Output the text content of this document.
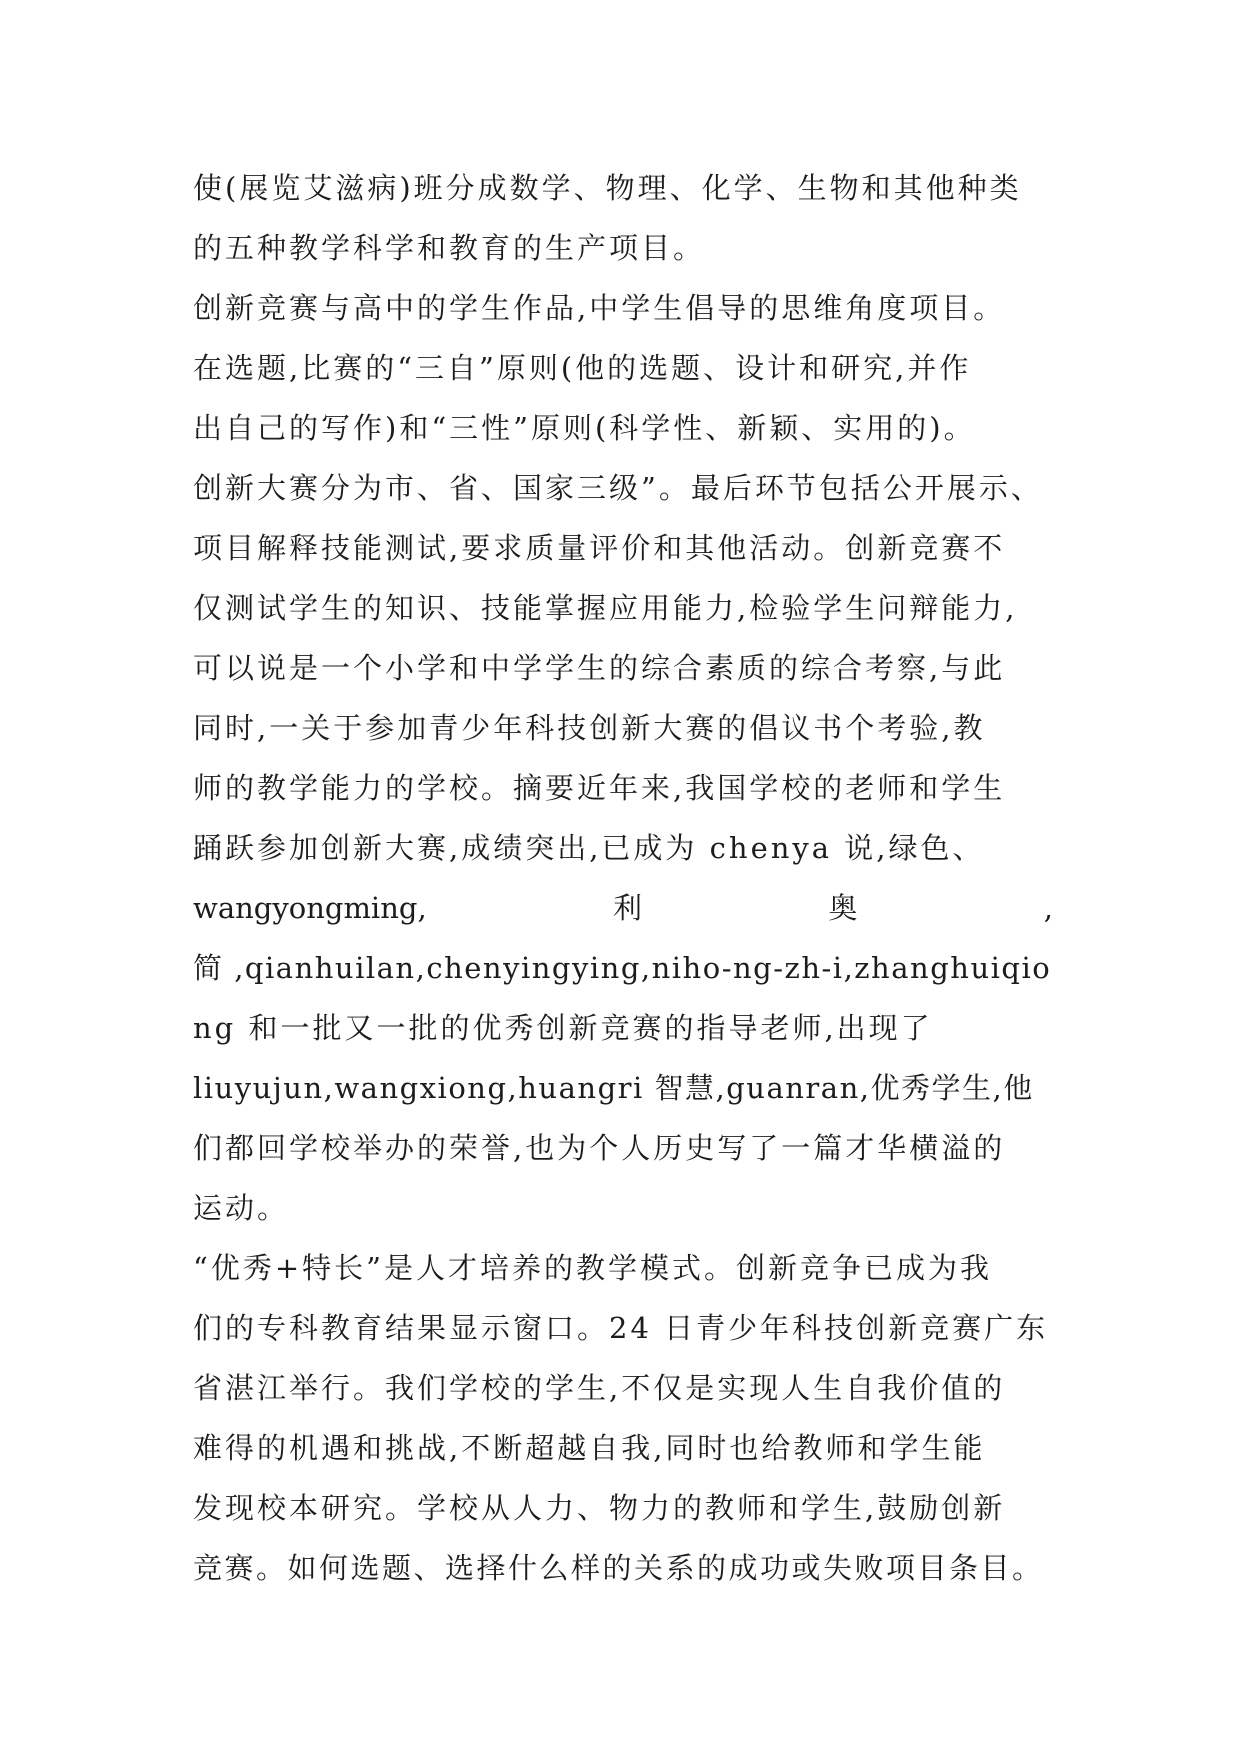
使(展览艾滋病)班分成数学、物理、化学、生物和其他种类
的五种教学科学和教育的生产项目。
创新竞赛与高中的学生作品,中学生倡导的思维角度项目。
在选题,比赛的“三自”原则(他的选题、设计和研究,并作
出自己的写作)和“三性”原则(科学性、新颖、实用的)。
创新大赛分为市、省、国家三级”。最后环节包括公开展示、
项目解释技能测试,要求质量评价和其他活动。创新竞赛不
仅测试学生的知识、技能掌握应用能力,检验学生问辩能力,
可以说是一个小学和中学学生的综合素质的综合考察,与此
同时,一关于参加青少年科技创新大赛的倡议书个考验,教
师的教学能力的学校。摘要近年来,我国学校的老师和学生
踊跃参加创新大赛,成绩突出,已成为 chenya 说,绿色、
wangyongming,	利	奥	,
简 ,qianhuilan,chenyingying,niho-ng-zh-i,zhanghuiqio
ng 和一批又一批的优秀创新竞赛的指导老师,出现了
liuyujun,wangxiong,huangri 智慧,guanran,优秀学生,他
们都回学校举办的荣誉,也为个人历史写了一篇才华横溢的
运动。
“优秀+特长”是人才培养的教学模式。创新竞争已成为我
们的专科教育结果显示窗口。24 日青少年科技创新竞赛广东
省湛江举行。我们学校的学生,不仅是实现人生自我价值的
难得的机遇和挑战,不断超越自我,同时也给教师和学生能
发现校本研究。学校从人力、物力的教师和学生,鼓励创新
竞赛。如何选题、选择什么样的关系的成功或失败项目条目。
